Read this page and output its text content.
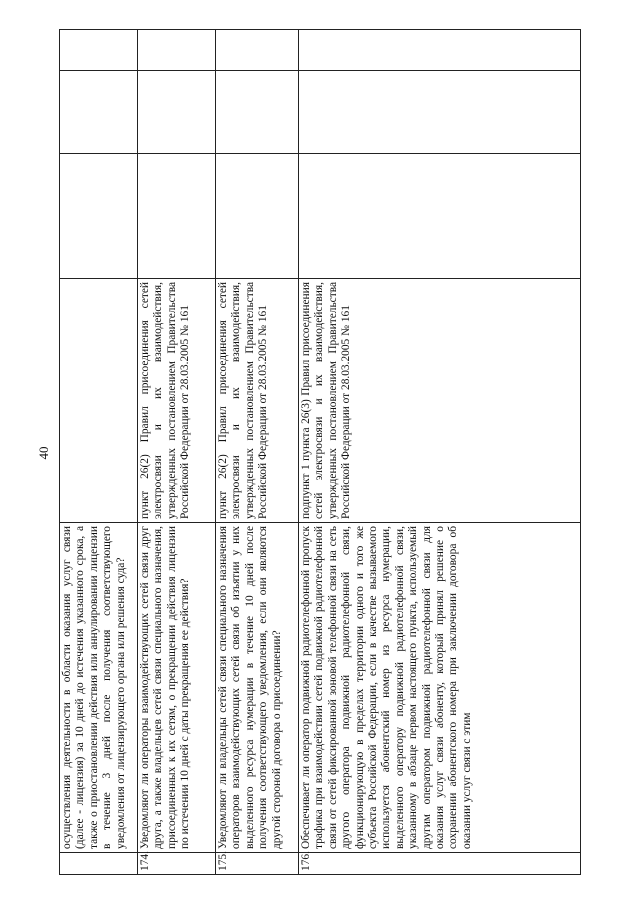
40
	осуществления деятельности в области оказания услуг связи (далее - лицензия) за 10 дней до истечения указанного срока, а также о приостановлении действия или аннулировании лицензии в течение 3 дней после получения соответствующего уведомления от лицензирующего органа или решения суда?				
174.	Уведомляют ли операторы взаимодействующих сетей связи друг друга, а также владельцев сетей связи специального назначения, присоединенных к их сетям, о прекращении действия лицензии по истечении 10 дней с даты прекращения ее действия?	пункт 26(2) Правил присоединения сетей электросвязи и их взаимодействия, утвержденных постановлением Правительства Российской Федерации от 28.03.2005 № 161			
175.	Уведомляют ли владельцы сетей связи специального назначения операторов взаимодействующих сетей связи об изъятии у них выделенного ресурса нумерации в течение 10 дней после получения соответствующего уведомления, если они являются другой стороной договора о присоединении?	пункт 26(2) Правил присоединения сетей электросвязи и их взаимодействия, утвержденных постановлением Правительства Российской Федерации от 28.03.2005 № 161			
176.	Обеспечивает ли оператор подвижной радиотелефонной пропуск трафика при взаимодействии сетей подвижной радиотелефонной связи от сетей фиксированной зоновой телефонной связи на сеть другого оператора подвижной радиотелефонной связи, функционирующую в пределах территории одного и того же субъекта Российской Федерации, если в качестве вызываемого используется абонентский номер из ресурса нумерации, выделенного оператору подвижной радиотелефонной связи, указанному в абзаце первом настоящего пункта, используемый другим оператором подвижной радиотелефонной связи для оказания услуг связи абоненту, который принял решение о сохранении абонентского номера при заключении договора об оказании услуг связи с этим	подпункт 1 пункта 26(3) Правил присоединения сетей электросвязи и их взаимодействия, утвержденных постановлением Правительства Российской Федерации от 28.03.2005 № 161			
